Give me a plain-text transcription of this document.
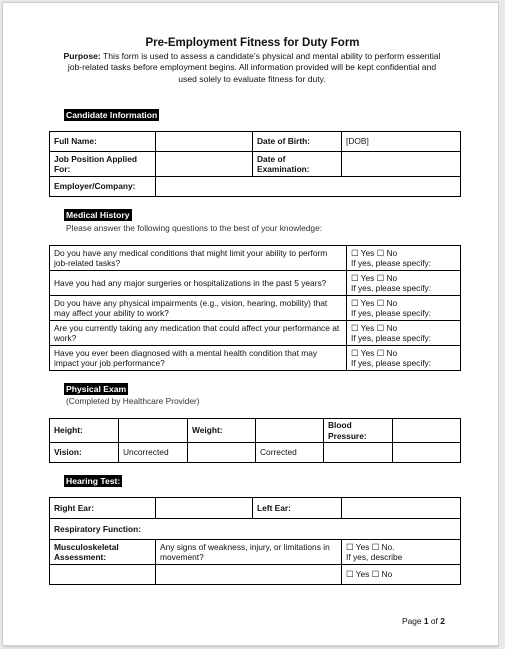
Pre-Employment Fitness for Duty Form
Purpose: This form is used to assess a candidate's physical and mental ability to perform essential job-related tasks before employment begins. All information provided will be kept confidential and used solely to evaluate fitness for duty.
Candidate Information
Full Name:		Date of Birth:	[DOB]
Job Position Applied For:		Date of Examination:	
Employer/Company:			
Medical History
Please answer the following questions to the best of your knowledge:
Do you have any medical conditions that might limit your ability to perform job-related tasks?	☐ Yes ☐ No
If yes, please specify:

Have you had any major surgeries or hospitalizations in the past 5 years?	☐ Yes ☐ No
If yes, please specify:

Do you have any physical impairments (e.g., vision, hearing, mobility) that may affect your ability to work?	☐ Yes ☐ No
If yes, please specify:

Are you currently taking any medication that could affect your performance at work?	☐ Yes ☐ No
If yes, please specify:

Have you ever been diagnosed with a mental health condition that may impact your job performance?	☐ Yes ☐ No
If yes, please specify:
Physical Exam
(Completed by Healthcare Provider)
Height:		Weight:		Blood Pressure:	
Vision:	Uncorrected		Corrected		
Hearing Test:
Right Ear:		Left Ear:	
Respiratory Function:			
Musculoskeletal Assessment:	Any signs of weakness, injury, or limitations in movement?		☐ Yes ☐ No.
If yes, describe

			☐ Yes ☐ No
Page 1 of 2
